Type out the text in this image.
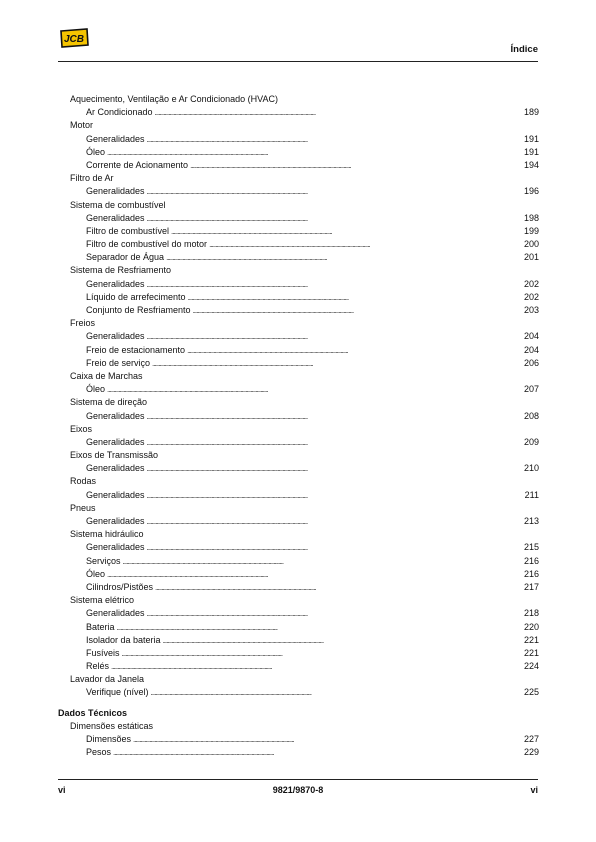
JCB
Índice
Aquecimento, Ventilação e Ar Condicionado (HVAC)
Ar Condicionado . . .	189
Motor
Generalidades . . .	191
Óleo . . .	191
Corrente de Acionamento . . .	194
Filtro de Ar
Generalidades . . .	196
Sistema de combustível
Generalidades . . .	198
Filtro de combustível . . .	199
Filtro de combustível do motor . . .	200
Separador de Água . . .	201
Sistema de Resfriamento
Generalidades . . .	202
Líquido de arrefecimento . . .	202
Conjunto de Resfriamento . . .	203
Freios
Generalidades . . .	204
Freio de estacionamento . . .	204
Freio de serviço . . .	206
Caixa de Marchas
Óleo . . .	207
Sistema de direção
Generalidades . . .	208
Eixos
Generalidades . . .	209
Eixos de Transmissão
Generalidades . . .	210
Rodas
Generalidades . . .	211
Pneus
Generalidades . . .	213
Sistema hidráulico
Generalidades . . .	215
Serviços . . .	216
Óleo . . .	216
Cilindros/Pistões . . .	217
Sistema elétrico
Generalidades . . .	218
Bateria . . .	220
Isolador da bateria . . .	221
Fusíveis . . .	221
Relés . . .	224
Lavador da Janela
Verifique (nível) . . .	225
Dados Técnicos
Dimensões estáticas
Dimensões . . .	227
Pesos . . .	229
vi	9821/9870-8	vi
